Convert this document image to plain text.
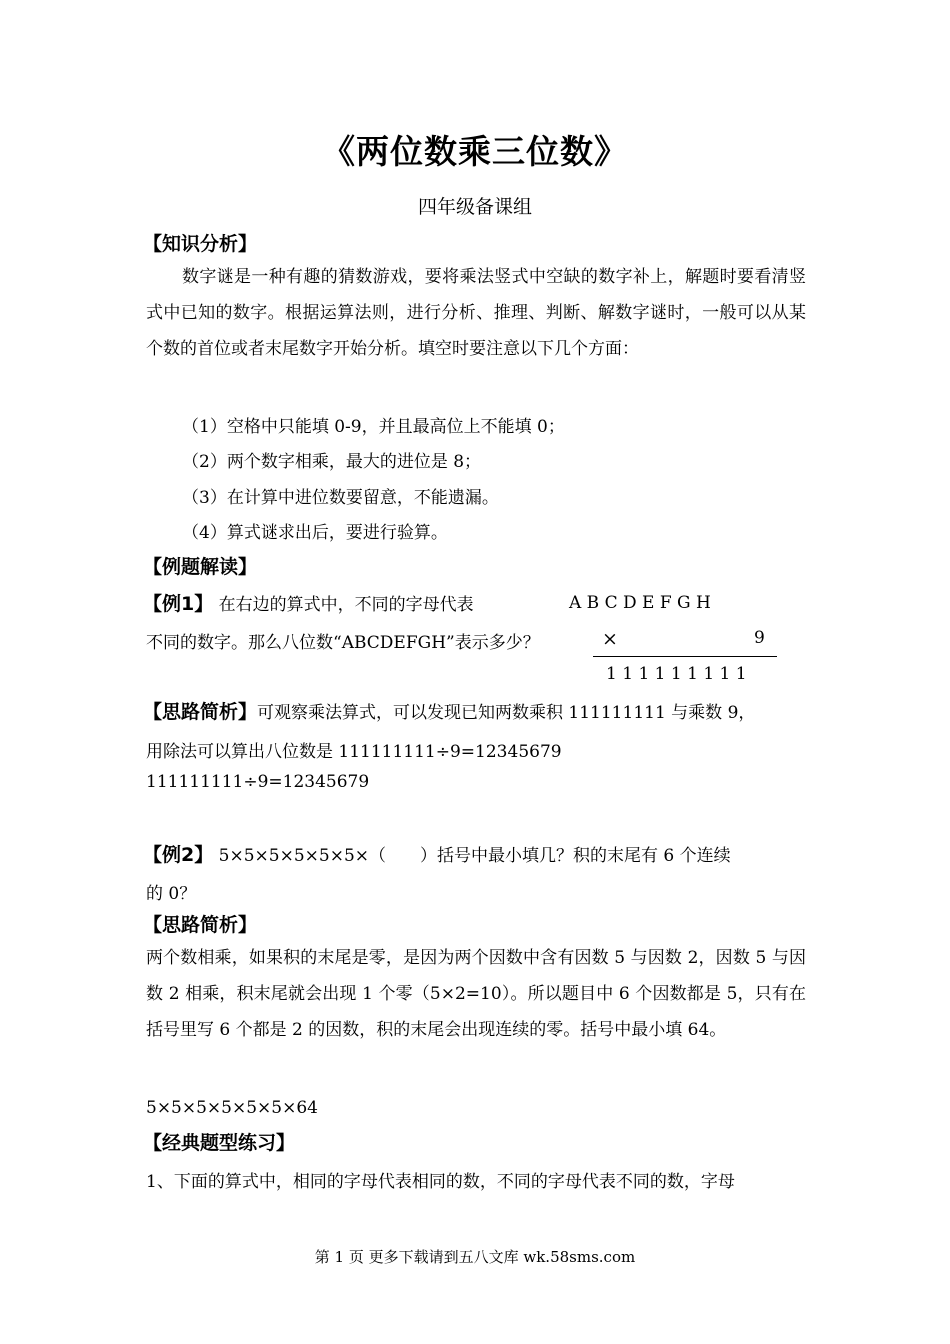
《两位数乘三位数》
四年级备课组
【知识分析】
数字谜是一种有趣的猜数游戏，要将乘法竖式中空缺的数字补上，解题时要看清竖式中已知的数字。根据运算法则，进行分析、推理、判断、解数字谜时，一般可以从某个数的首位或者末尾数字开始分析。填空时要注意以下几个方面：
（1）空格中只能填 0-9，并且最高位上不能填 0；
（2）两个数字相乘，最大的进位是 8；
（3）在计算中进位数要留意，不能遗漏。
（4）算式谜求出后，要进行验算。
【例题解读】
【例1】 在右边的算式中，不同的字母代表	A B C D E F G H
不同的数字。那么八位数“ABCDEFGH”表示多少？	×	9
1 1 1 1 1 1 1 1 1
【思路简析】可观察乘法算式，可以发现已知两数乘积 111111111 与乘数 9，
用除法可以算出八位数是 111111111÷9=12345679
111111111÷9=12345679
【例2】 5×5×5×5×5×5×（　　）括号中最小填几？积的末尾有 6 个连续
的 0？
【思路简析】
两个数相乘，如果积的末尾是零，是因为两个因数中含有因数 5 与因数 2，因数 5 与因数 2 相乘，积末尾就会出现 1 个零（5×2=10）。所以题目中 6 个因数都是 5，只有在括号里写 6 个都是 2 的因数，积的末尾会出现连续的零。括号中最小填 64。
5×5×5×5×5×5×64
【经典题型练习】
1、下面的算式中，相同的字母代表相同的数，不同的字母代表不同的数，字母
第 1 页 更多下载请到五八文库 wk.58sms.com
